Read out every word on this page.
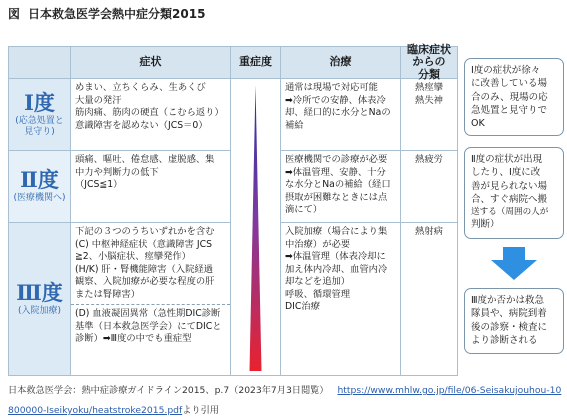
図 日本救急医学会熱中症分類2015
症状	重症度	治療
臨床症状
からの
分類
Ⅰ度
(応急処置と
見守り)
めまい、立ちくらみ、生あくび
大量の発汗
筋肉痛、筋肉の硬直（こむら返り）
意識障害を認めない（JCS＝0）
通常は現場で対応可能
➡冷所での安静、体表冷
却、経口的に水分とNaの
補給
熱痙攣
熱失神
Ⅱ度
(医療機関へ)
頭痛、嘔吐、倦怠感、虚脱感、集
中力や判断力の低下
（JCS≦1）
医療機関での診療が必要
➡体温管理、安静、十分
な水分とNaの補給（経口
摂取が困難なときには点
滴にて）
熱疲労
Ⅲ度
(入院加療)
下記の３つのうちいずれかを含む
(C) 中枢神経症状（意識障害 JCS
≧2、小脳症状、痙攣発作）
(H/K) 肝・腎機能障害（入院経過
観察、入院加療が必要な程度の肝
または腎障害）
(D) 血液凝固異常（急性期DIC診断
基準（日本救急医学会）にてDICと
診断）➡Ⅲ度の中でも重症型
入院加療（場合により集
中治療）が必要
➡体温管理（体表冷却に
加え体内冷却、血管内冷
却などを追加）
呼吸、循環管理
DIC治療
熱射病
Ⅰ度の症状が徐々
に改善している場
合のみ、現場の応
急処置と見守りで
OK
Ⅱ度の症状が出現
したり、Ⅰ度に改
善が見られない場
合、すぐ病院へ搬
送する（周囲の人が
判断）
Ⅲ度か否かは救急
隊員や、病院到着
後の診察・検査に
より診断される
日本救急医学会：熱中症診療ガイドライン2015、p.7（2023年7月3日閲覧） https://www.mhlw.go.jp/file/06-Seisakujouhou-10
800000-Iseikyoku/heatstroke2015.pdfより引用
